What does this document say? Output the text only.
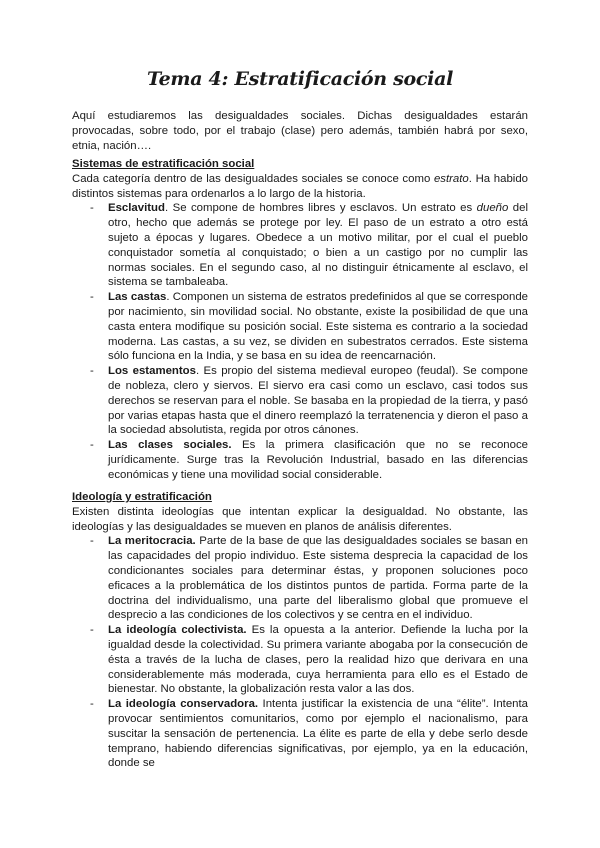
Tema 4: Estratificación social

Aquí estudiaremos las desigualdades sociales. Dichas desigualdades estarán provocadas, sobre todo, por el trabajo (clase) pero además, también habrá por sexo, etnia, nación….

Sistemas de estratificación social

Cada categoría dentro de las desigualdades sociales se conoce como estrato. Ha habido distintos sistemas para ordenarlos a lo largo de la historia.

- Esclavitud. Se compone de hombres libres y esclavos. Un estrato es dueño del otro, hecho que además se protege por ley. El paso de un estrato a otro está sujeto a épocas y lugares. Obedece a un motivo militar, por el cual el pueblo conquistador sometía al conquistado; o bien a un castigo por no cumplir las normas sociales. En el segundo caso, al no distinguir étnicamente al esclavo, el sistema se tambaleaba.
- Las castas. Componen un sistema de estratos predefinidos al que se corresponde por nacimiento, sin movilidad social. No obstante, existe la posibilidad de que una casta entera modifique su posición social. Este sistema es contrario a la sociedad moderna. Las castas, a su vez, se dividen en subestratos cerrados. Este sistema sólo funciona en la India, y se basa en su idea de reencarnación.
- Los estamentos. Es propio del sistema medieval europeo (feudal). Se compone de nobleza, clero y siervos. El siervo era casi como un esclavo, casi todos sus derechos se reservan para el noble. Se basaba en la propiedad de la tierra, y pasó por varias etapas hasta que el dinero reemplazó la terratenencia y dieron el paso a la sociedad absolutista, regida por otros cánones.
- Las clases sociales. Es la primera clasificación que no se reconoce jurídicamente. Surge tras la Revolución Industrial, basado en las diferencias económicas y tiene una movilidad social considerable.

Ideología y estratificación

Existen distinta ideologías que intentan explicar la desigualdad. No obstante, las ideologías y las desigualdades se mueven en planos de análisis diferentes.

- La meritocracia. Parte de la base de que las desigualdades sociales se basan en las capacidades del propio individuo. Este sistema desprecia la capacidad de los condicionantes sociales para determinar éstas, y proponen soluciones poco eficaces a la problemática de los distintos puntos de partida. Forma parte de la doctrina del individualismo, una parte del liberalismo global que promueve el desprecio a las condiciones de los colectivos y se centra en el individuo.
- La ideología colectivista. Es la opuesta a la anterior. Defiende la lucha por la igualdad desde la colectividad. Su primera variante abogaba por la consecución de ésta a través de la lucha de clases, pero la realidad hizo que derivara en una considerablemente más moderada, cuya herramienta para ello es el Estado de bienestar. No obstante, la globalización resta valor a las dos.
- La ideología conservadora. Intenta justificar la existencia de una “élite”. Intenta provocar sentimientos comunitarios, como por ejemplo el nacionalismo, para suscitar la sensación de pertenencia. La élite es parte de ella y debe serlo desde temprano, habiendo diferencias significativas, por ejemplo, ya en la educación, donde se
